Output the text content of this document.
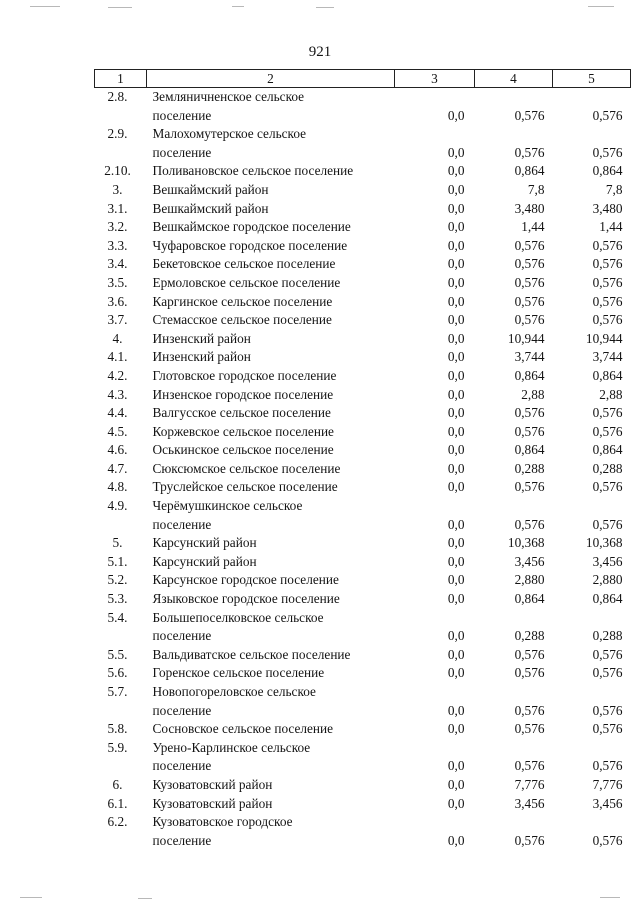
921
1	2	3	4	5
2.8.	Земляничненское сельское
поселение	0,0	0,576	0,576
2.9.	Малохомутерское сельское
поселение	0,0	0,576	0,576
2.10.	Поливановское сельское поселение	0,0	0,864	0,864
3.	Вешкаймский район	0,0	7,8	7,8
3.1.	Вешкаймский район	0,0	3,480	3,480
3.2.	Вешкаймское городское поселение	0,0	1,44	1,44
3.3.	Чуфаровское городское поселение	0,0	0,576	0,576
3.4.	Бекетовское сельское поселение	0,0	0,576	0,576
3.5.	Ермоловское сельское поселение	0,0	0,576	0,576
3.6.	Каргинское сельское поселение	0,0	0,576	0,576
3.7.	Стемасское сельское поселение	0,0	0,576	0,576
4.	Инзенский район	0,0	10,944	10,944
4.1.	Инзенский район	0,0	3,744	3,744
4.2.	Глотовское городское поселение	0,0	0,864	0,864
4.3.	Инзенское городское поселение	0,0	2,88	2,88
4.4.	Валгусское сельское поселение	0,0	0,576	0,576
4.5.	Коржевское сельское поселение	0,0	0,576	0,576
4.6.	Оськинское сельское поселение	0,0	0,864	0,864
4.7.	Сюксюмское сельское поселение	0,0	0,288	0,288
4.8.	Труслейское сельское поселение	0,0	0,576	0,576
4.9.	Черёмушкинское сельское
поселение	0,0	0,576	0,576
5.	Карсунский район	0,0	10,368	10,368
5.1.	Карсунский район	0,0	3,456	3,456
5.2.	Карсунское городское поселение	0,0	2,880	2,880
5.3.	Языковское городское поселение	0,0	0,864	0,864
5.4.	Большепоселковское сельское
поселение	0,0	0,288	0,288
5.5.	Вальдиватское сельское поселение	0,0	0,576	0,576
5.6.	Горенское сельское поселение	0,0	0,576	0,576
5.7.	Новопогореловское сельское
поселение	0,0	0,576	0,576
5.8.	Сосновское сельское поселение	0,0	0,576	0,576
5.9.	Урено-Карлинское сельское
поселение	0,0	0,576	0,576
6.	Кузоватовский район	0,0	7,776	7,776
6.1.	Кузоватовский район	0,0	3,456	3,456
6.2.	Кузоватовское городское
поселение	0,0	0,576	0,576
